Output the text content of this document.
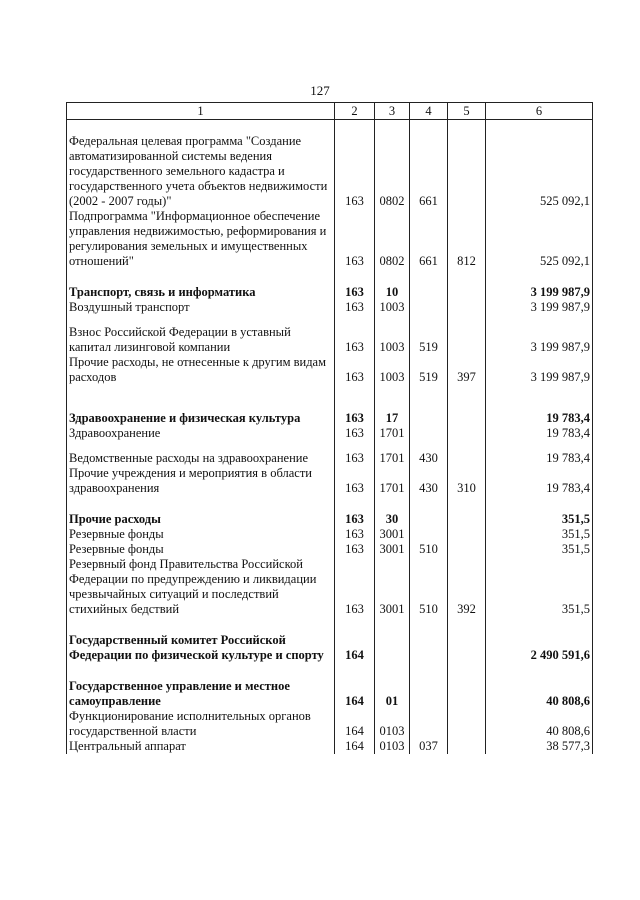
127
1	2	3	4	5	6

Федеральная целевая программа "Создание автоматизированной системы ведения государственного земельного кадастра и государственного учета объектов недвижимости (2002 - 2007 годы)"	163	0802	661		525 092,1
Подпрограмма "Информационное обеспечение управления недвижимостью, реформирования и регулирования земельных и имущественных отношений"	163	0802	661	812	525 092,1

Транспорт, связь и информатика	163	10			3 199 987,9
Воздушный транспорт	163	1003			3 199 987,9

Взнос Российской Федерации в уставный капитал лизинговой компании	163	1003	519		3 199 987,9
Прочие расходы, не отнесенные к другим видам расходов	163	1003	519	397	3 199 987,9

Здравоохранение и физическая культура	163	17			19 783,4
Здравоохранение	163	1701			19 783,4

Ведомственные расходы на здравоохранение	163	1701	430		19 783,4
Прочие учреждения и мероприятия в области здравоохранения	163	1701	430	310	19 783,4

Прочие расходы	163	30			351,5
Резервные фонды	163	3001			351,5
Резервные фонды	163	3001	510		351,5
Резервный фонд Правительства Российской Федерации по предупреждению и ликвидации чрезвычайных ситуаций и последствий стихийных бедствий	163	3001	510	392	351,5

Государственный комитет Российской Федерации по физической культуре и спорту	164				2 490 591,6

Государственное управление и местное самоуправление	164	01			40 808,6
Функционирование исполнительных органов государственной власти	164	0103			40 808,6
Центральный аппарат	164	0103	037		38 577,3
